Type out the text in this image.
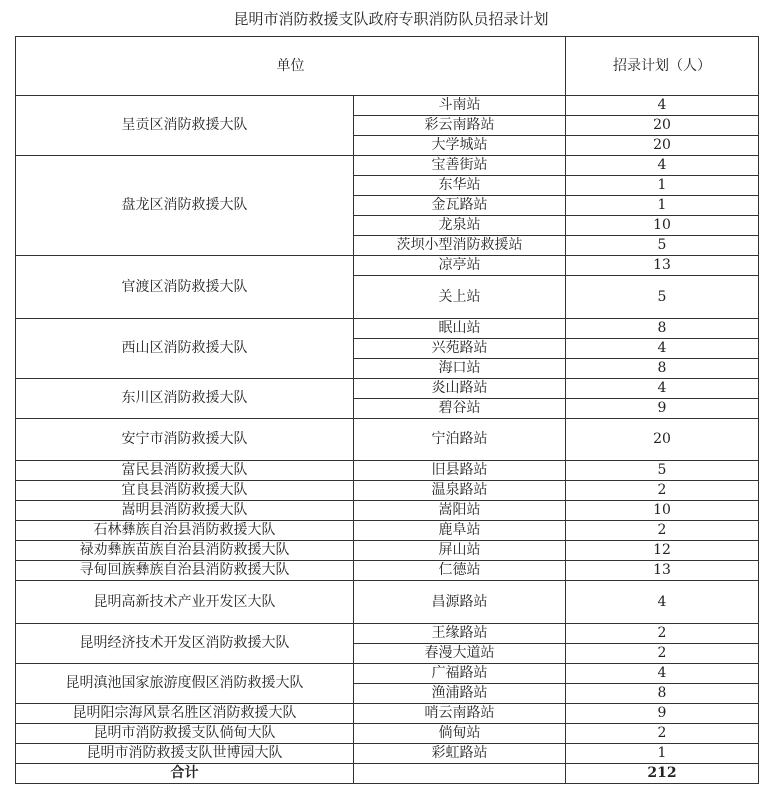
昆明市消防救援支队政府专职消防队员招录计划
单位		招录计划（人）
呈贡区消防救援大队	斗南站	4
	彩云南路站	20
	大学城站	20
盘龙区消防救援大队	宝善街站	4
	东华站	1
	金瓦路站	1
	龙泉站	10
	茨坝小型消防救援站	5
官渡区消防救援大队	凉亭站	13
	关上站	5
西山区消防救援大队	眠山站	8
	兴苑路站	4
	海口站	8
东川区消防救援大队	炎山路站	4
	碧谷站	9
安宁市消防救援大队	宁泊路站	20
富民县消防救援大队	旧县路站	5
宜良县消防救援大队	温泉路站	2
嵩明县消防救援大队	嵩阳站	10
石林彝族自治县消防救援大队	鹿阜站	2
禄劝彝族苗族自治县消防救援大队	屏山站	12
寻甸回族彝族自治县消防救援大队	仁德站	13
昆明高新技术产业开发区大队	昌源路站	4
昆明经济技术开发区消防救援大队	王缘路站	2
	春漫大道站	2
昆明滇池国家旅游度假区消防救援大队	广福路站	4
	渔浦路站	8
昆明阳宗海风景名胜区消防救援大队	哨云南路站	9
昆明市消防救援支队倘甸大队	倘甸站	2
昆明市消防救援支队世博园大队	彩虹路站	1
合计		212
